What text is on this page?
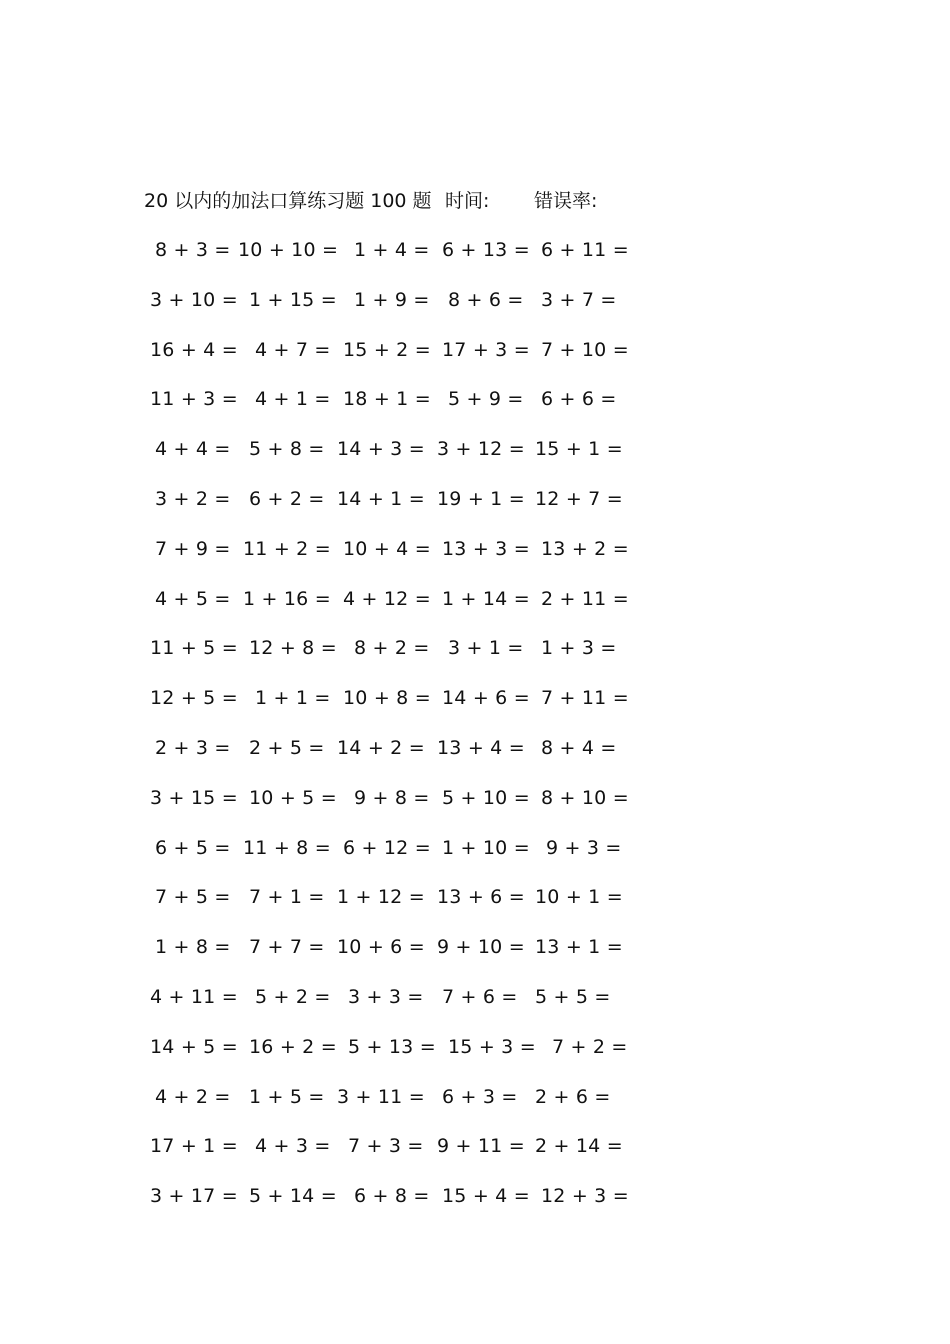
20 以内的加法口算练习题 100 题 时间: 错误率:
8 + 3 = 10 + 10 = 1 + 4 = 6 + 13 = 6 + 11 =
3 + 10 = 1 + 15 = 1 + 9 = 8 + 6 = 3 + 7 =
16 + 4 = 4 + 7 = 15 + 2 = 17 + 3 = 7 + 10 =
11 + 3 = 4 + 1 = 18 + 1 = 5 + 9 = 6 + 6 =
4 + 4 = 5 + 8 = 14 + 3 = 3 + 12 = 15 + 1 =
3 + 2 = 6 + 2 = 14 + 1 = 19 + 1 = 12 + 7 =
7 + 9 = 11 + 2 = 10 + 4 = 13 + 3 = 13 + 2 =
4 + 5 = 1 + 16 = 4 + 12 = 1 + 14 = 2 + 11 =
11 + 5 = 12 + 8 = 8 + 2 = 3 + 1 = 1 + 3 =
12 + 5 = 1 + 1 = 10 + 8 = 14 + 6 = 7 + 11 =
2 + 3 = 2 + 5 = 14 + 2 = 13 + 4 = 8 + 4 =
3 + 15 = 10 + 5 = 9 + 8 = 5 + 10 = 8 + 10 =
6 + 5 = 11 + 8 = 6 + 12 = 1 + 10 = 9 + 3 =
7 + 5 = 7 + 1 = 1 + 12 = 13 + 6 = 10 + 1 =
1 + 8 = 7 + 7 = 10 + 6 = 9 + 10 = 13 + 1 =
4 + 11 = 5 + 2 = 3 + 3 = 7 + 6 = 5 + 5 =
14 + 5 = 16 + 2 = 5 + 13 = 15 + 3 = 7 + 2 =
4 + 2 = 1 + 5 = 3 + 11 = 6 + 3 = 2 + 6 =
17 + 1 = 4 + 3 = 7 + 3 = 9 + 11 = 2 + 14 =
3 + 17 = 5 + 14 = 6 + 8 = 15 + 4 = 12 + 3 =
